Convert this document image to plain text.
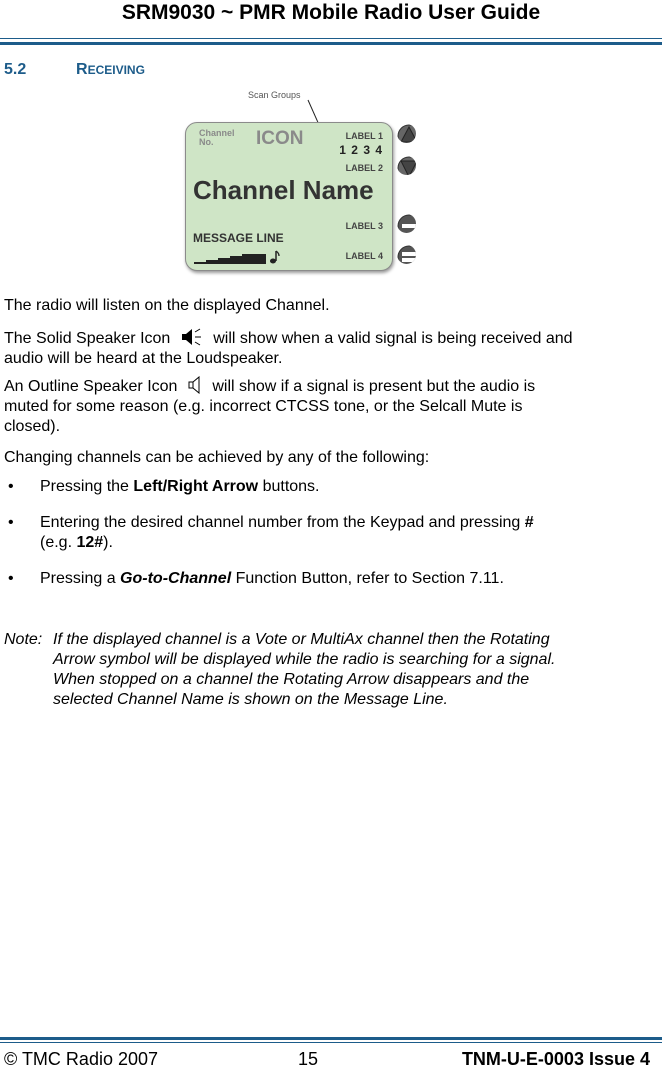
SRM9030 ~ PMR Mobile Radio User Guide
5.2	RECEIVING
Scan Groups
Channel
No.	ICON	LABEL 1
1 2 3 4
LABEL 2
Channel Name
LABEL 3
MESSAGE LINE
LABEL 4
The radio will listen on the displayed Channel.
The Solid Speaker Icon	will show when a valid signal is being received and
audio will be heard at the Loudspeaker.
An Outline Speaker Icon will show if a signal is present but the audio is
muted for some reason (e.g. incorrect CTCSS tone, or the Selcall Mute is
closed).
Changing channels can be achieved by any of the following:
• Pressing the Left/Right Arrow buttons.
• Entering the desired channel number from the Keypad and pressing #
(e.g. 12#).
• Pressing a Go-to-Channel Function Button, refer to Section 7.11.
Note: If the displayed channel is a Vote or MultiAx channel then the Rotating
Arrow symbol will be displayed while the radio is searching for a signal.
When stopped on a channel the Rotating Arrow disappears and the
selected Channel Name is shown on the Message Line.
© TMC Radio 2007	15	TNM-U-E-0003 Issue 4
